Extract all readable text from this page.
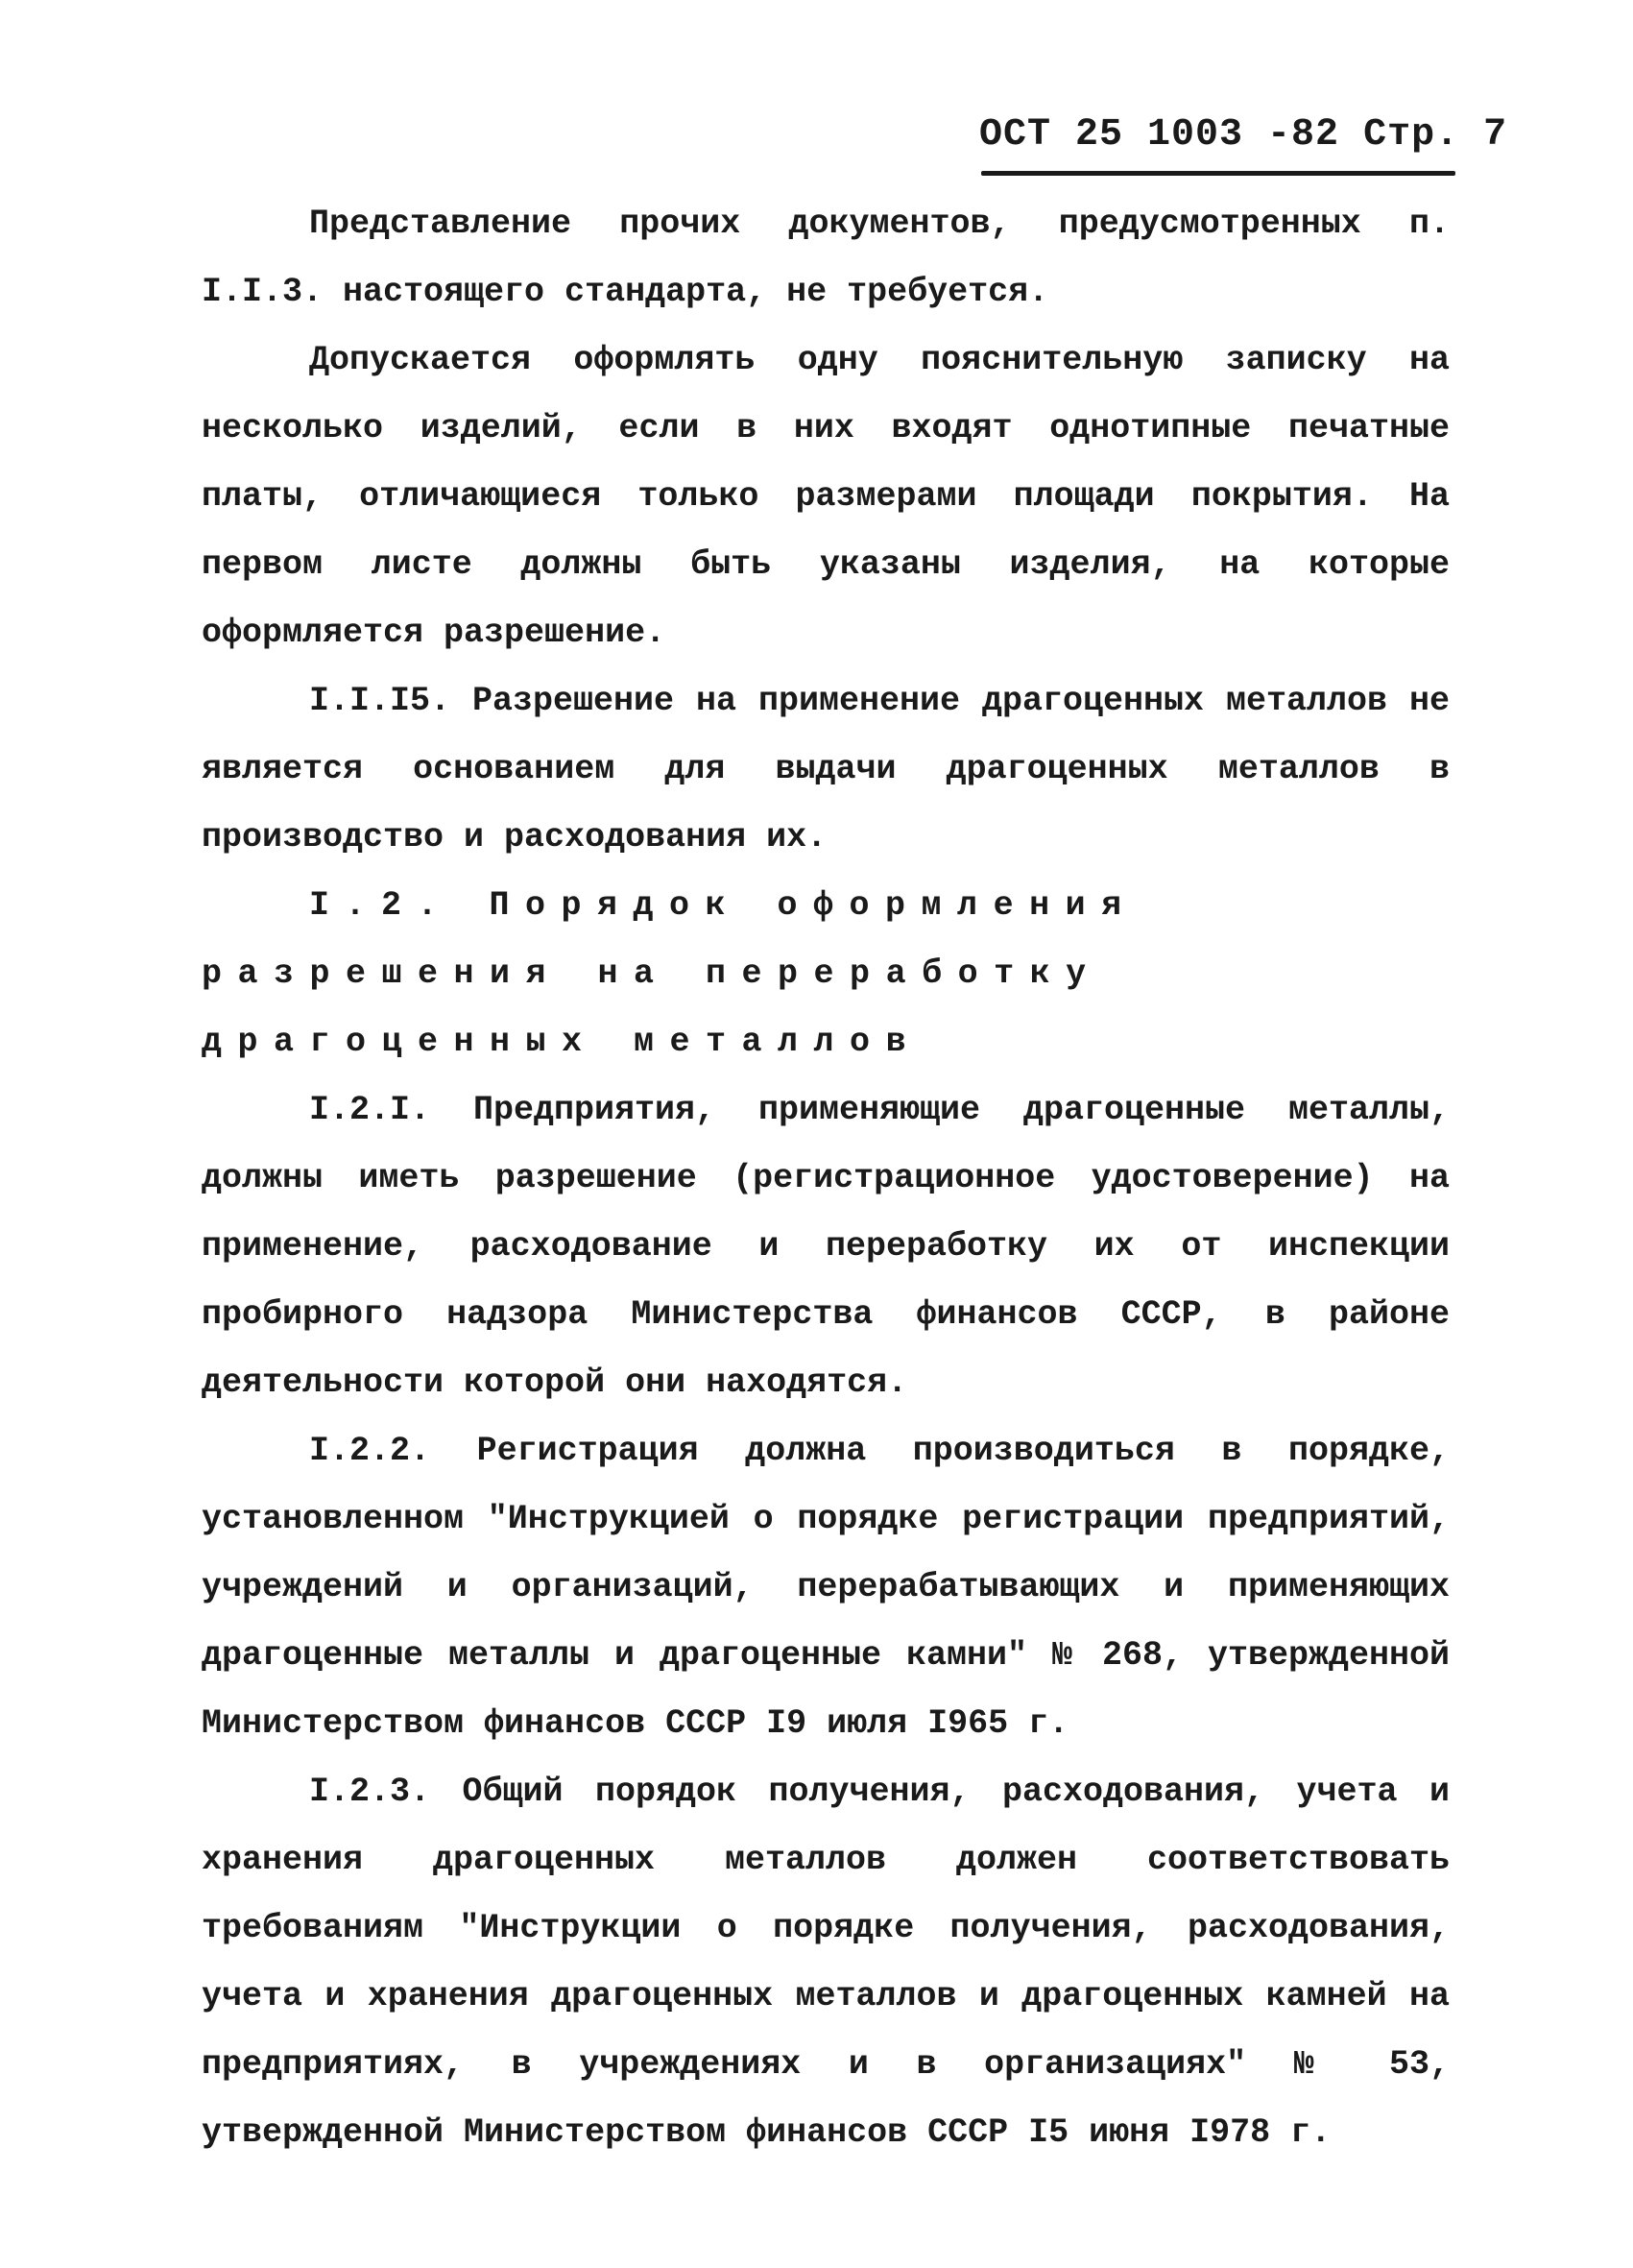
ОСТ 25 1003 -82 Стр. 7

Представление прочих документов, предусмотренных п. I.I.3. настоящего стандарта, не требуется.

Допускается оформлять одну пояснительную записку на несколько изделий, если в них входят однотипные печатные платы, отличающиеся только размерами площади покрытия. На первом листе должны быть указаны изделия, на которые оформляется разрешение.

I.I.I5. Разрешение на применение драгоценных металлов не является основанием для выдачи драгоценных металлов в производство и расходования их.

I.2. Порядок оформления разрешения на переработку драгоценных металлов

I.2.I. Предприятия, применяющие драгоценные металлы, должны иметь разрешение (регистрационное удостоверение) на применение, расходование и переработку их от инспекции пробирного надзора Министерства финансов СССР, в районе деятельности которой они находятся.

I.2.2. Регистрация должна производиться в порядке, установленном "Инструкцией о порядке регистрации предприятий, учреждений и организаций, перерабатывающих и применяющих драгоценные металлы и драгоценные камни" № 268, утвержденной Министерством финансов СССР I9 июля I965 г.

I.2.3. Общий порядок получения, расходования, учета и хранения драгоценных металлов должен соответствовать требованиям "Инструкции о порядке получения, расходования, учета и хранения драгоценных металлов и драгоценных камней на предприятиях, в учреждениях и в организациях" № 53, утвержденной Министерством финансов СССР I5 июня I978 г.
